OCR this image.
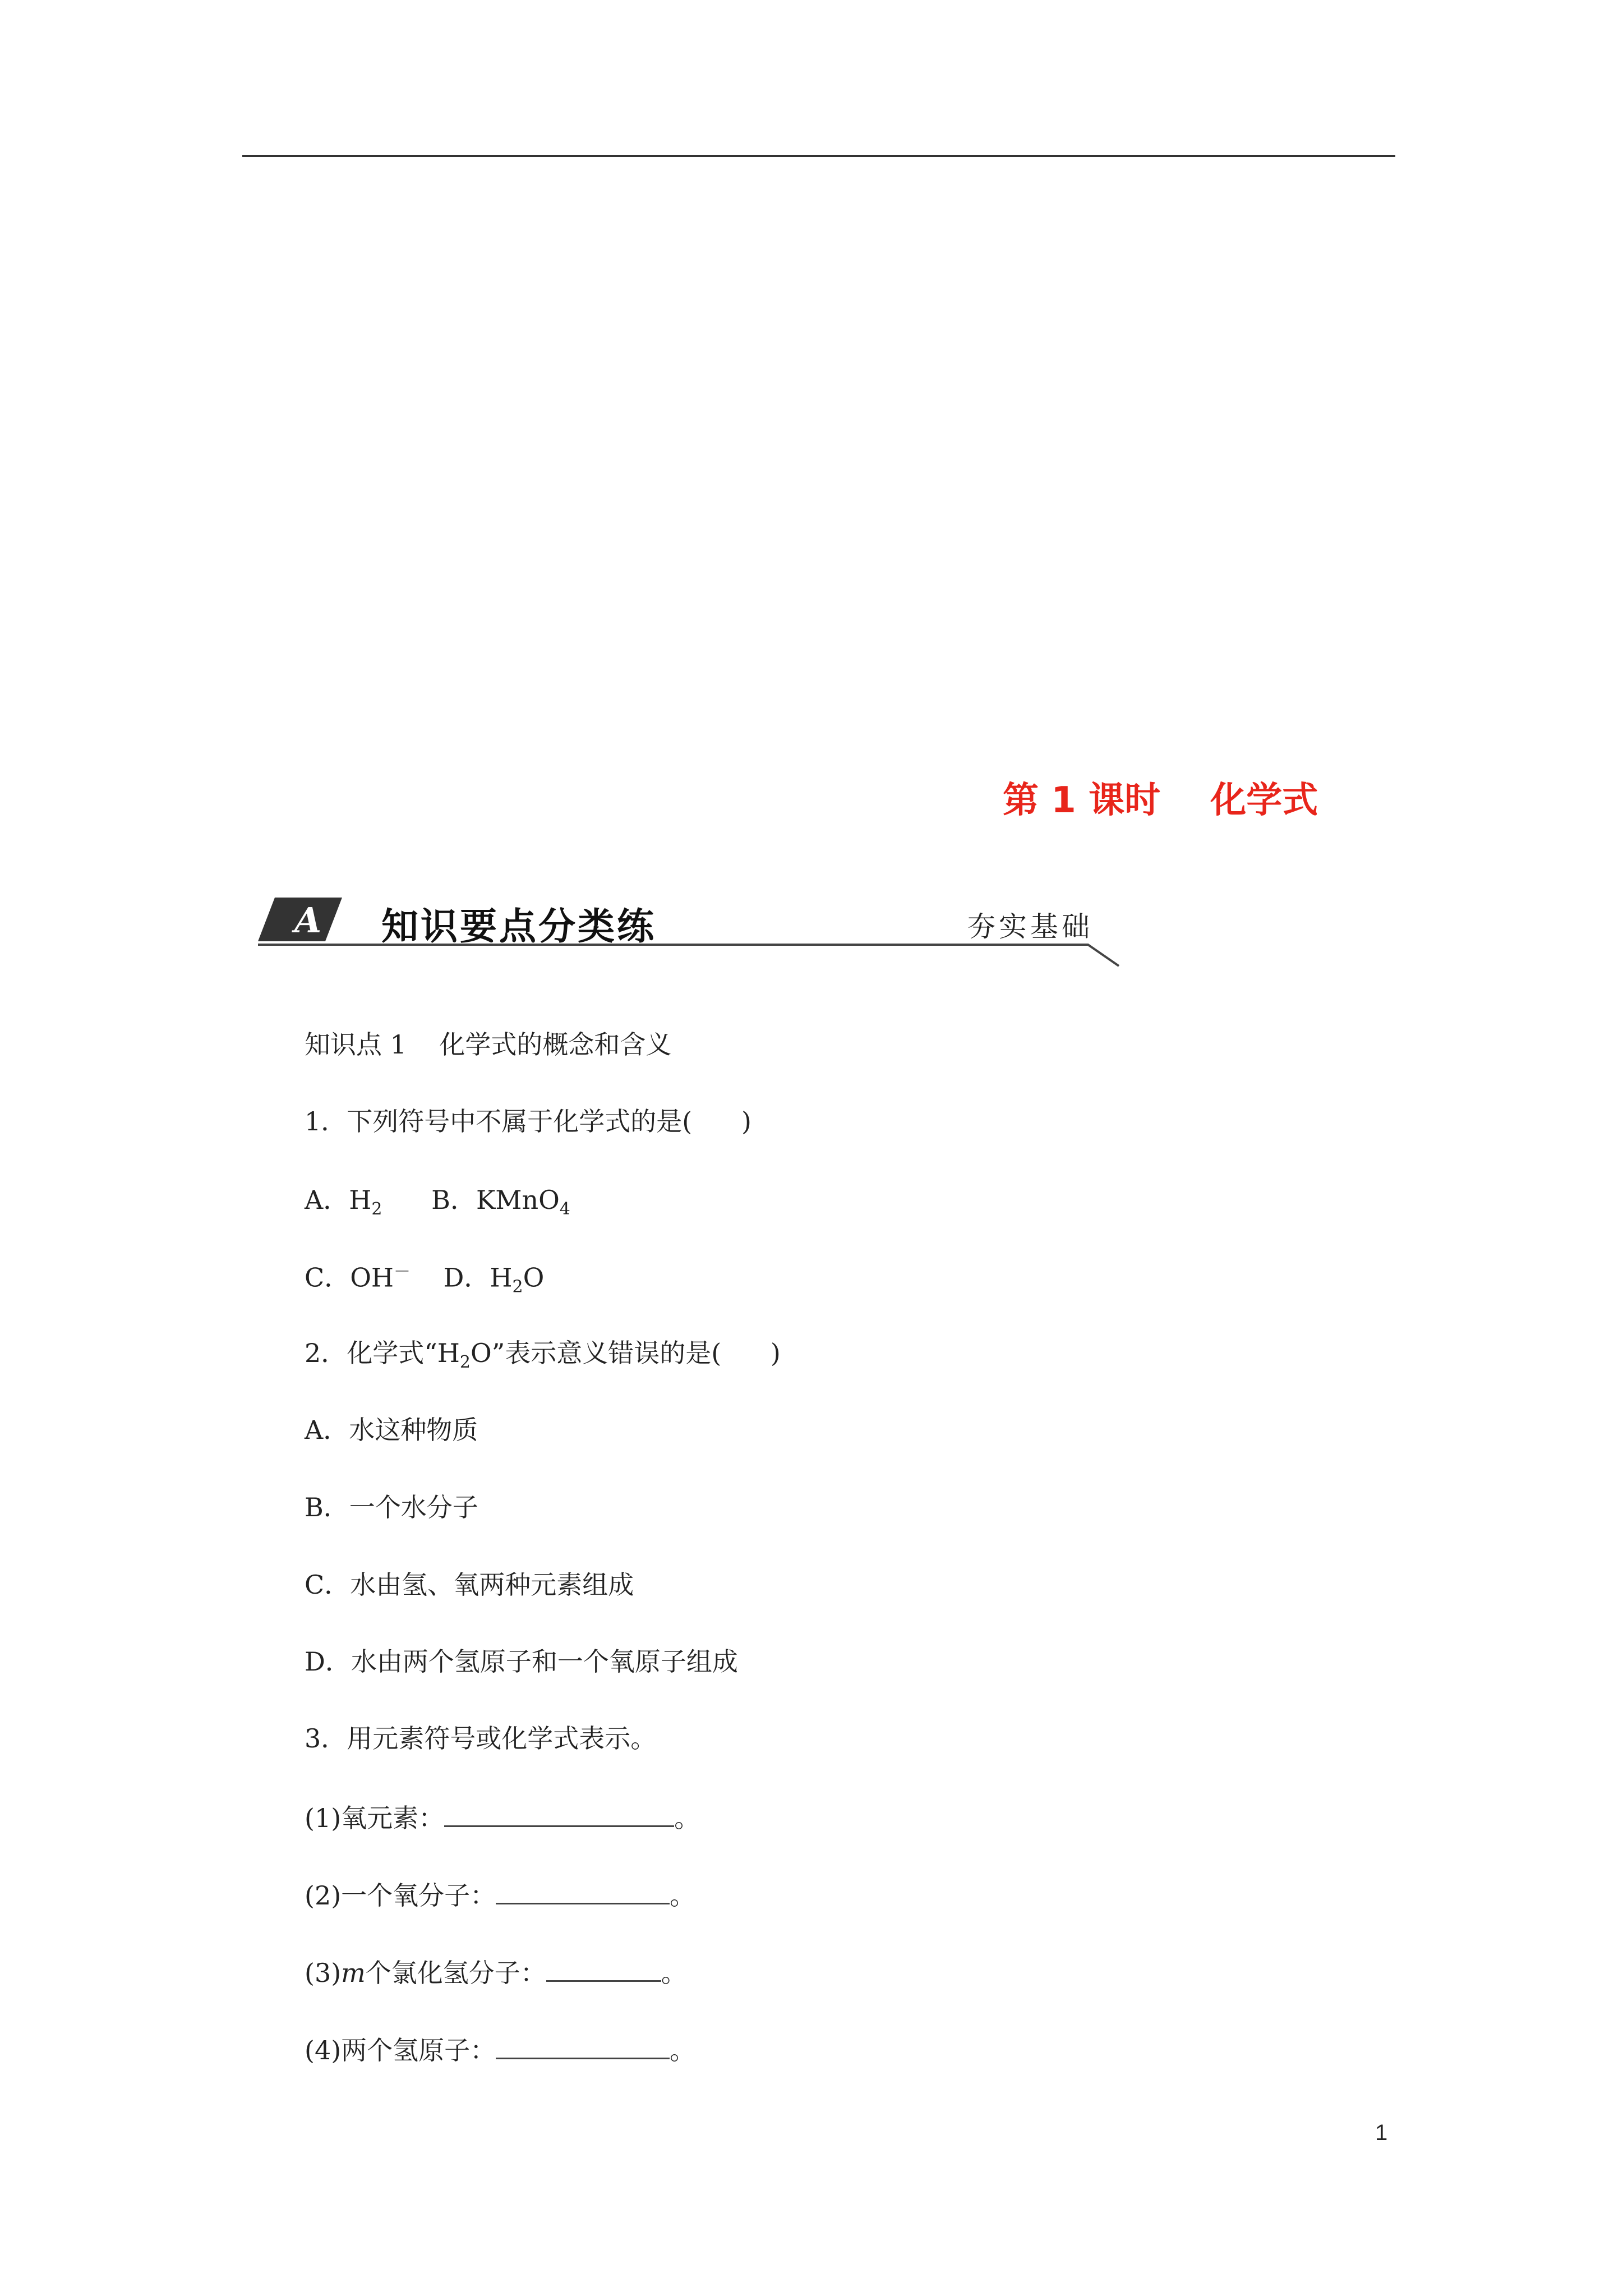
第 1 课时    化学式
A 知识要点分类练	夯实基础
知识点 1    化学式的概念和含义
1．下列符号中不属于化学式的是(      )
A．$H_2$ B．KMnO$_4$
C．OH－ D．$H_2O$
2．化学式“$H_2O$”表示意义错误的是(      )
A．水这种物质
B．一个水分子
C．水由氢、氧两种元素组成
D．水由两个氢原子和一个氧原子组成
3．用元素符号或化学式表示。
(1)氧元素：	。
(2)一个氧分子：	。
(3)m个氯化氢分子：	。
(4)两个氢原子：	。
1
